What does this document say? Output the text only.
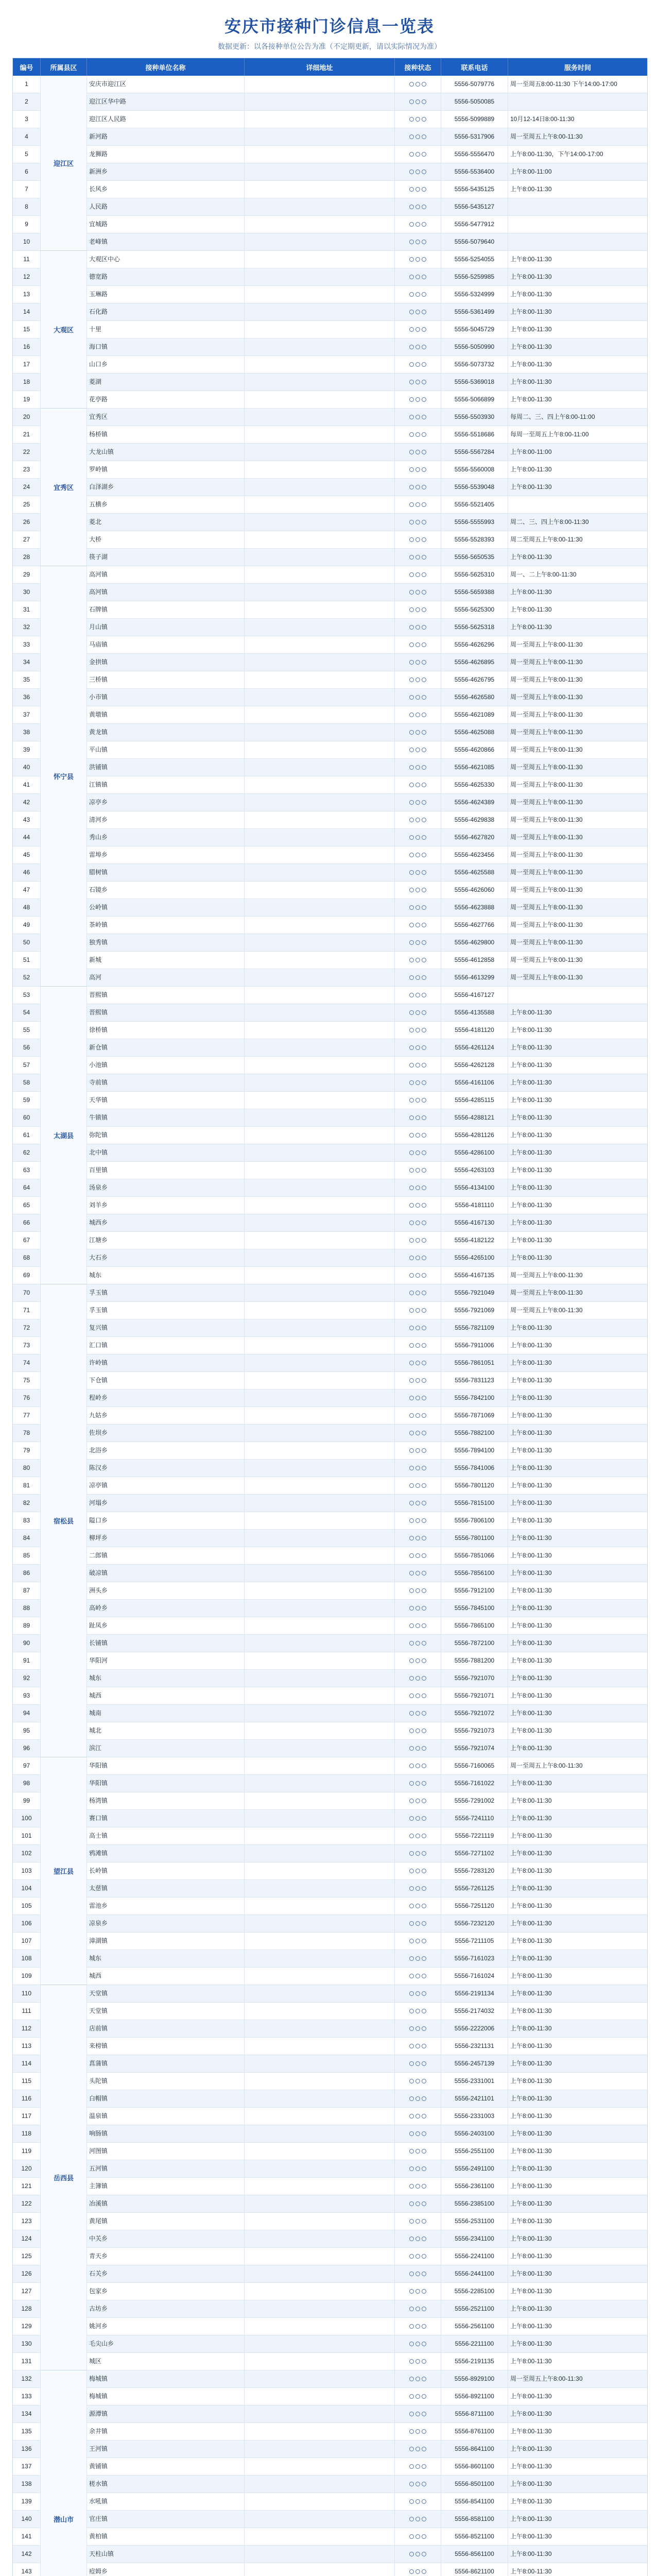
安庆市接种门诊信息一览表
数据更新：以各接种单位公告为准（不定期更新，请以实际情况为准）
编号	所属县区	接种单位名称	详细地址	接种状态	联系电话	服务时间
迎江区
1	安庆市迎江区	5556-5079776	周一至周五8:00-11:30 下午14:00-17:00
2	迎江区华中路	5556-5050085
3	迎江区人民路	5556-5099889	10月12-14日8:00-11:30
4	新河路	5556-5317906	周一至周五上午8:00-11:30
5	龙狮路	5556-5556470	上午8:00-11:30，下午14:00-17:00
6	新洲乡	5556-5536400	上午8:00-11:00
7	长风乡	5556-5435125	上午8:00-11:30
8	人民路	5556-5435127
9	宜城路	5556-5477912
10	老峰镇	5556-5079640
大观区
11	大观区中心	5556-5254055	上午8:00-11:30
12	德宽路	5556-5259985	上午8:00-11:30
13	玉琳路	5556-5324999	上午8:00-11:30
14	石化路	5556-5361499	上午8:00-11:30
15	十里	5556-5045729	上午8:00-11:30
16	海口镇	5556-5050990	上午8:00-11:30
17	山口乡	5556-5073732	上午8:00-11:30
18	菱湖	5556-5369018	上午8:00-11:30
19	花亭路	5556-5066899	上午8:00-11:30
宜秀区
20	宜秀区	5556-5503930	每周二、三、四上午8:00-11:00
21	杨桥镇	5556-5518686	每周一至周五上午8:00-11:00
22	大龙山镇	5556-5567284	上午8:00-11:00
23	罗岭镇	5556-5560008	上午8:00-11:30
24	白泽湖乡	5556-5539048	上午8:00-11:30
25	五横乡	5556-5521405
26	菱北	5556-5555993	周二、三、四上午8:00-11:30
27	大桥	5556-5528393	周二至周五上午8:00-11:30
28	筷子湖	5556-5650535	上午8:00-11:30
怀宁县
29	高河镇	5556-5625310	周一、二上午8:00-11:30
30	高河镇	5556-5659388	上午8:00-11:30
31	石牌镇	5556-5625300	上午8:00-11:30
32	月山镇	5556-5625318	上午8:00-11:30
33	马庙镇	5556-4626296	周一至周五上午8:00-11:30
34	金拱镇	5556-4626895	周一至周五上午8:00-11:30
35	三桥镇	5556-4626795	周一至周五上午8:00-11:30
36	小市镇	5556-4626580	周一至周五上午8:00-11:30
37	黄墩镇	5556-4621089	周一至周五上午8:00-11:30
38	黄龙镇	5556-4625088	周一至周五上午8:00-11:30
39	平山镇	5556-4620866	周一至周五上午8:00-11:30
40	洪铺镇	5556-4621085	周一至周五上午8:00-11:30
41	江镇镇	5556-4625330	周一至周五上午8:00-11:30
42	凉亭乡	5556-4624389	周一至周五上午8:00-11:30
43	清河乡	5556-4629838	周一至周五上午8:00-11:30
44	秀山乡	5556-4627820	周一至周五上午8:00-11:30
45	雷埠乡	5556-4623456	周一至周五上午8:00-11:30
46	腊树镇	5556-4625588	周一至周五上午8:00-11:30
47	石镜乡	5556-4626060	周一至周五上午8:00-11:30
48	公岭镇	5556-4623888	周一至周五上午8:00-11:30
49	茶岭镇	5556-4627766	周一至周五上午8:00-11:30
50	独秀镇	5556-4629800	周一至周五上午8:00-11:30
51	新城	5556-4612858	周一至周五上午8:00-11:30
52	高河	5556-4613299	周一至周五上午8:00-11:30
太湖县
53	晋熙镇	5556-4167127
54	晋熙镇	5556-4135588	上午8:00-11:30
55	徐桥镇	5556-4181120	上午8:00-11:30
56	新仓镇	5556-4261124	上午8:00-11:30
57	小池镇	5556-4262128	上午8:00-11:30
58	寺前镇	5556-4161106	上午8:00-11:30
59	天华镇	5556-4285115	上午8:00-11:30
60	牛镇镇	5556-4288121	上午8:00-11:30
61	弥陀镇	5556-4281126	上午8:00-11:30
62	北中镇	5556-4286100	上午8:00-11:30
63	百里镇	5556-4263103	上午8:00-11:30
64	汤泉乡	5556-4134100	上午8:00-11:30
65	刘羊乡	5556-4181110	上午8:00-11:30
66	城西乡	5556-4167130	上午8:00-11:30
67	江塘乡	5556-4182122	上午8:00-11:30
68	大石乡	5556-4265100	上午8:00-11:30
69	城东	5556-4167135	周一至周五上午8:00-11:30
宿松县
70	孚玉镇	5556-7921049	周一至周五上午8:00-11:30
71	孚玉镇	5556-7921069	周一至周五上午8:00-11:30
72	复兴镇	5556-7821109	上午8:00-11:30
73	汇口镇	5556-7911006	上午8:00-11:30
74	许岭镇	5556-7861051	上午8:00-11:30
75	下仓镇	5556-7831123	上午8:00-11:30
76	程岭乡	5556-7842100	上午8:00-11:30
77	九姑乡	5556-7871069	上午8:00-11:30
78	佐坝乡	5556-7882100	上午8:00-11:30
79	北浴乡	5556-7894100	上午8:00-11:30
80	陈汉乡	5556-7841006	上午8:00-11:30
81	凉亭镇	5556-7801120	上午8:00-11:30
82	河塌乡	5556-7815100	上午8:00-11:30
83	隘口乡	5556-7806100	上午8:00-11:30
84	柳坪乡	5556-7801100	上午8:00-11:30
85	二郎镇	5556-7851066	上午8:00-11:30
86	破凉镇	5556-7856100	上午8:00-11:30
87	洲头乡	5556-7912100	上午8:00-11:30
88	高岭乡	5556-7845100	上午8:00-11:30
89	趾凤乡	5556-7865100	上午8:00-11:30
90	长铺镇	5556-7872100	上午8:00-11:30
91	华阳河	5556-7881200	上午8:00-11:30
92	城东	5556-7921070	上午8:00-11:30
93	城西	5556-7921071	上午8:00-11:30
94	城南	5556-7921072	上午8:00-11:30
95	城北	5556-7921073	上午8:00-11:30
96	滨江	5556-7921074	上午8:00-11:30
望江县
97	华阳镇	5556-7160065	周一至周五上午8:00-11:30
98	华阳镇	5556-7161022	上午8:00-11:30
99	杨湾镇	5556-7291002	上午8:00-11:30
100	赛口镇	5556-7241110	上午8:00-11:30
101	高士镇	5556-7221119	上午8:00-11:30
102	鸦滩镇	5556-7271102	上午8:00-11:30
103	长岭镇	5556-7283120	上午8:00-11:30
104	太慈镇	5556-7261125	上午8:00-11:30
105	雷池乡	5556-7251120	上午8:00-11:30
106	凉泉乡	5556-7232120	上午8:00-11:30
107	漳湖镇	5556-7211105	上午8:00-11:30
108	城东	5556-7161023	上午8:00-11:30
109	城西	5556-7161024	上午8:00-11:30
岳西县
110	天堂镇	5556-2191134	上午8:00-11:30
111	天堂镇	5556-2174032	上午8:00-11:30
112	店前镇	5556-2222006	上午8:00-11:30
113	来榜镇	5556-2321131	上午8:00-11:30
114	菖蒲镇	5556-2457139	上午8:00-11:30
115	头陀镇	5556-2331001	上午8:00-11:30
116	白帽镇	5556-2421101	上午8:00-11:30
117	温泉镇	5556-2331003	上午8:00-11:30
118	响肠镇	5556-2403100	上午8:00-11:30
119	河图镇	5556-2551100	上午8:00-11:30
120	五河镇	5556-2491100	上午8:00-11:30
121	主簿镇	5556-2361100	上午8:00-11:30
122	冶溪镇	5556-2385100	上午8:00-11:30
123	黄尾镇	5556-2531100	上午8:00-11:30
124	中关乡	5556-2341100	上午8:00-11:30
125	青天乡	5556-2241100	上午8:00-11:30
126	石关乡	5556-2441100	上午8:00-11:30
127	包家乡	5556-2285100	上午8:00-11:30
128	古坊乡	5556-2521100	上午8:00-11:30
129	姚河乡	5556-2561100	上午8:00-11:30
130	毛尖山乡	5556-2211100	上午8:00-11:30
131	城区	5556-2191135	上午8:00-11:30
潜山市
132	梅城镇	5556-8929100	周一至周五上午8:00-11:30
133	梅城镇	5556-8921100	上午8:00-11:30
134	源潭镇	5556-8711100	上午8:00-11:30
135	余井镇	5556-8761100	上午8:00-11:30
136	王河镇	5556-8641100	上午8:00-11:30
137	黄铺镇	5556-8601100	上午8:00-11:30
138	槎水镇	5556-8501100	上午8:00-11:30
139	水吼镇	5556-8541100	上午8:00-11:30
140	官庄镇	5556-8581100	上午8:00-11:30
141	黄柏镇	5556-8521100	上午8:00-11:30
142	天柱山镇	5556-8561100	上午8:00-11:30
143	痘姆乡	5556-8621100	上午8:00-11:30
